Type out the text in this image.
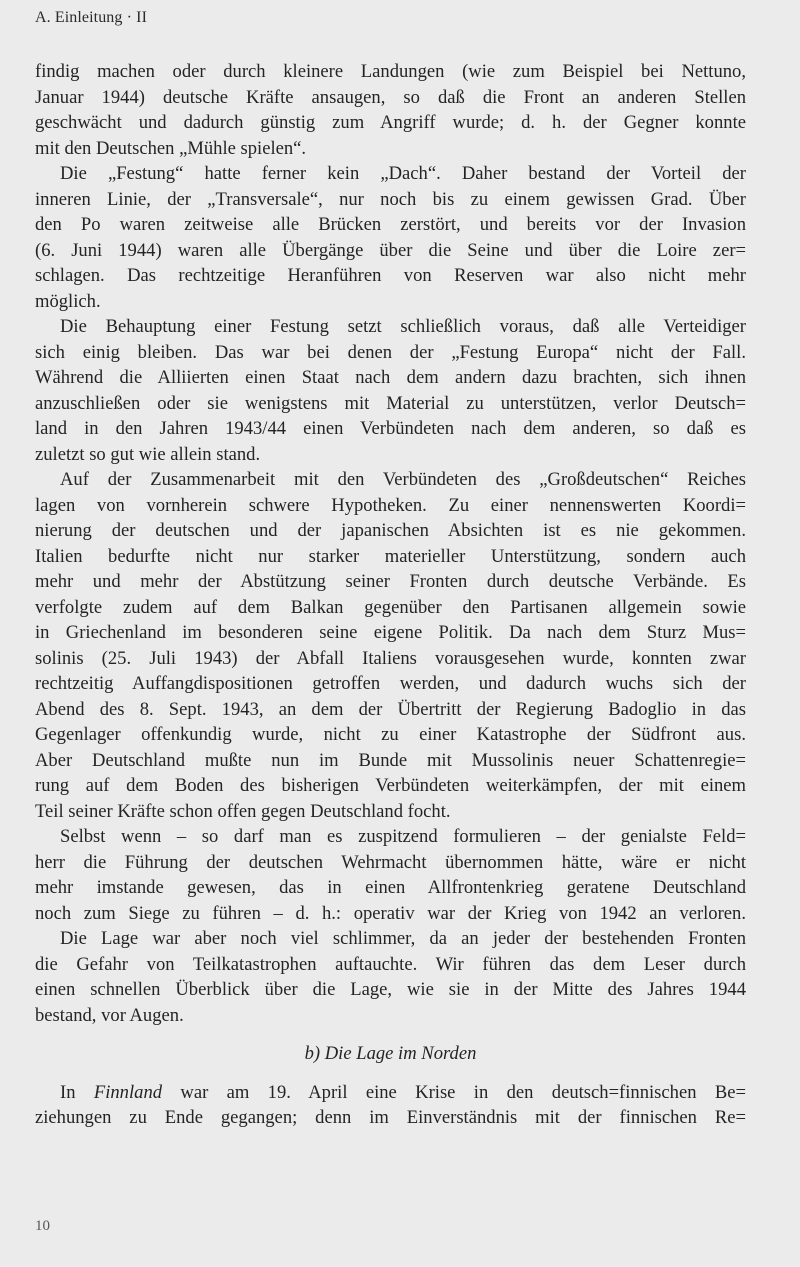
A. Einleitung · II
findig machen oder durch kleinere Landungen (wie zum Beispiel bei Nettuno,
Januar 1944) deutsche Kräfte ansaugen, so daß die Front an anderen Stellen
geschwächt und dadurch günstig zum Angriff wurde; d. h. der Gegner konnte
mit den Deutschen „Mühle spielen“.
Die „Festung“ hatte ferner kein „Dach“. Daher bestand der Vorteil der
inneren Linie, der „Transversale“, nur noch bis zu einem gewissen Grad. Über
den Po waren zeitweise alle Brücken zerstört, und bereits vor der Invasion
(6. Juni 1944) waren alle Übergänge über die Seine und über die Loire zer=
schlagen. Das rechtzeitige Heranführen von Reserven war also nicht mehr
möglich.
Die Behauptung einer Festung setzt schließlich voraus, daß alle Verteidiger
sich einig bleiben. Das war bei denen der „Festung Europa“ nicht der Fall.
Während die Alliierten einen Staat nach dem andern dazu brachten, sich ihnen
anzuschließen oder sie wenigstens mit Material zu unterstützen, verlor Deutsch=
land in den Jahren 1943/44 einen Verbündeten nach dem anderen, so daß es
zuletzt so gut wie allein stand.
Auf der Zusammenarbeit mit den Verbündeten des „Großdeutschen“ Reiches
lagen von vornherein schwere Hypotheken. Zu einer nennenswerten Koordi=
nierung der deutschen und der japanischen Absichten ist es nie gekommen.
Italien bedurfte nicht nur starker materieller Unterstützung, sondern auch
mehr und mehr der Abstützung seiner Fronten durch deutsche Verbände. Es
verfolgte zudem auf dem Balkan gegenüber den Partisanen allgemein sowie
in Griechenland im besonderen seine eigene Politik. Da nach dem Sturz Mus=
solinis (25. Juli 1943) der Abfall Italiens vorausgesehen wurde, konnten zwar
rechtzeitig Auffangdispositionen getroffen werden, und dadurch wuchs sich der
Abend des 8. Sept. 1943, an dem der Übertritt der Regierung Badoglio in das
Gegenlager offenkundig wurde, nicht zu einer Katastrophe der Südfront aus.
Aber Deutschland mußte nun im Bunde mit Mussolinis neuer Schattenregie=
rung auf dem Boden des bisherigen Verbündeten weiterkämpfen, der mit einem
Teil seiner Kräfte schon offen gegen Deutschland focht.
Selbst wenn – so darf man es zuspitzend formulieren – der genialste Feld=
herr die Führung der deutschen Wehrmacht übernommen hätte, wäre er nicht
mehr imstande gewesen, das in einen Allfrontenkrieg geratene Deutschland
noch zum Siege zu führen – d. h.: operativ war der Krieg von 1942 an verloren.
Die Lage war aber noch viel schlimmer, da an jeder der bestehenden Fronten
die Gefahr von Teilkatastrophen auftauchte. Wir führen das dem Leser durch
einen schnellen Überblick über die Lage, wie sie in der Mitte des Jahres 1944
bestand, vor Augen.
b) Die Lage im Norden
In Finnland war am 19. April eine Krise in den deutsch=finnischen Be=
ziehungen zu Ende gegangen; denn im Einverständnis mit der finnischen Re=
10
